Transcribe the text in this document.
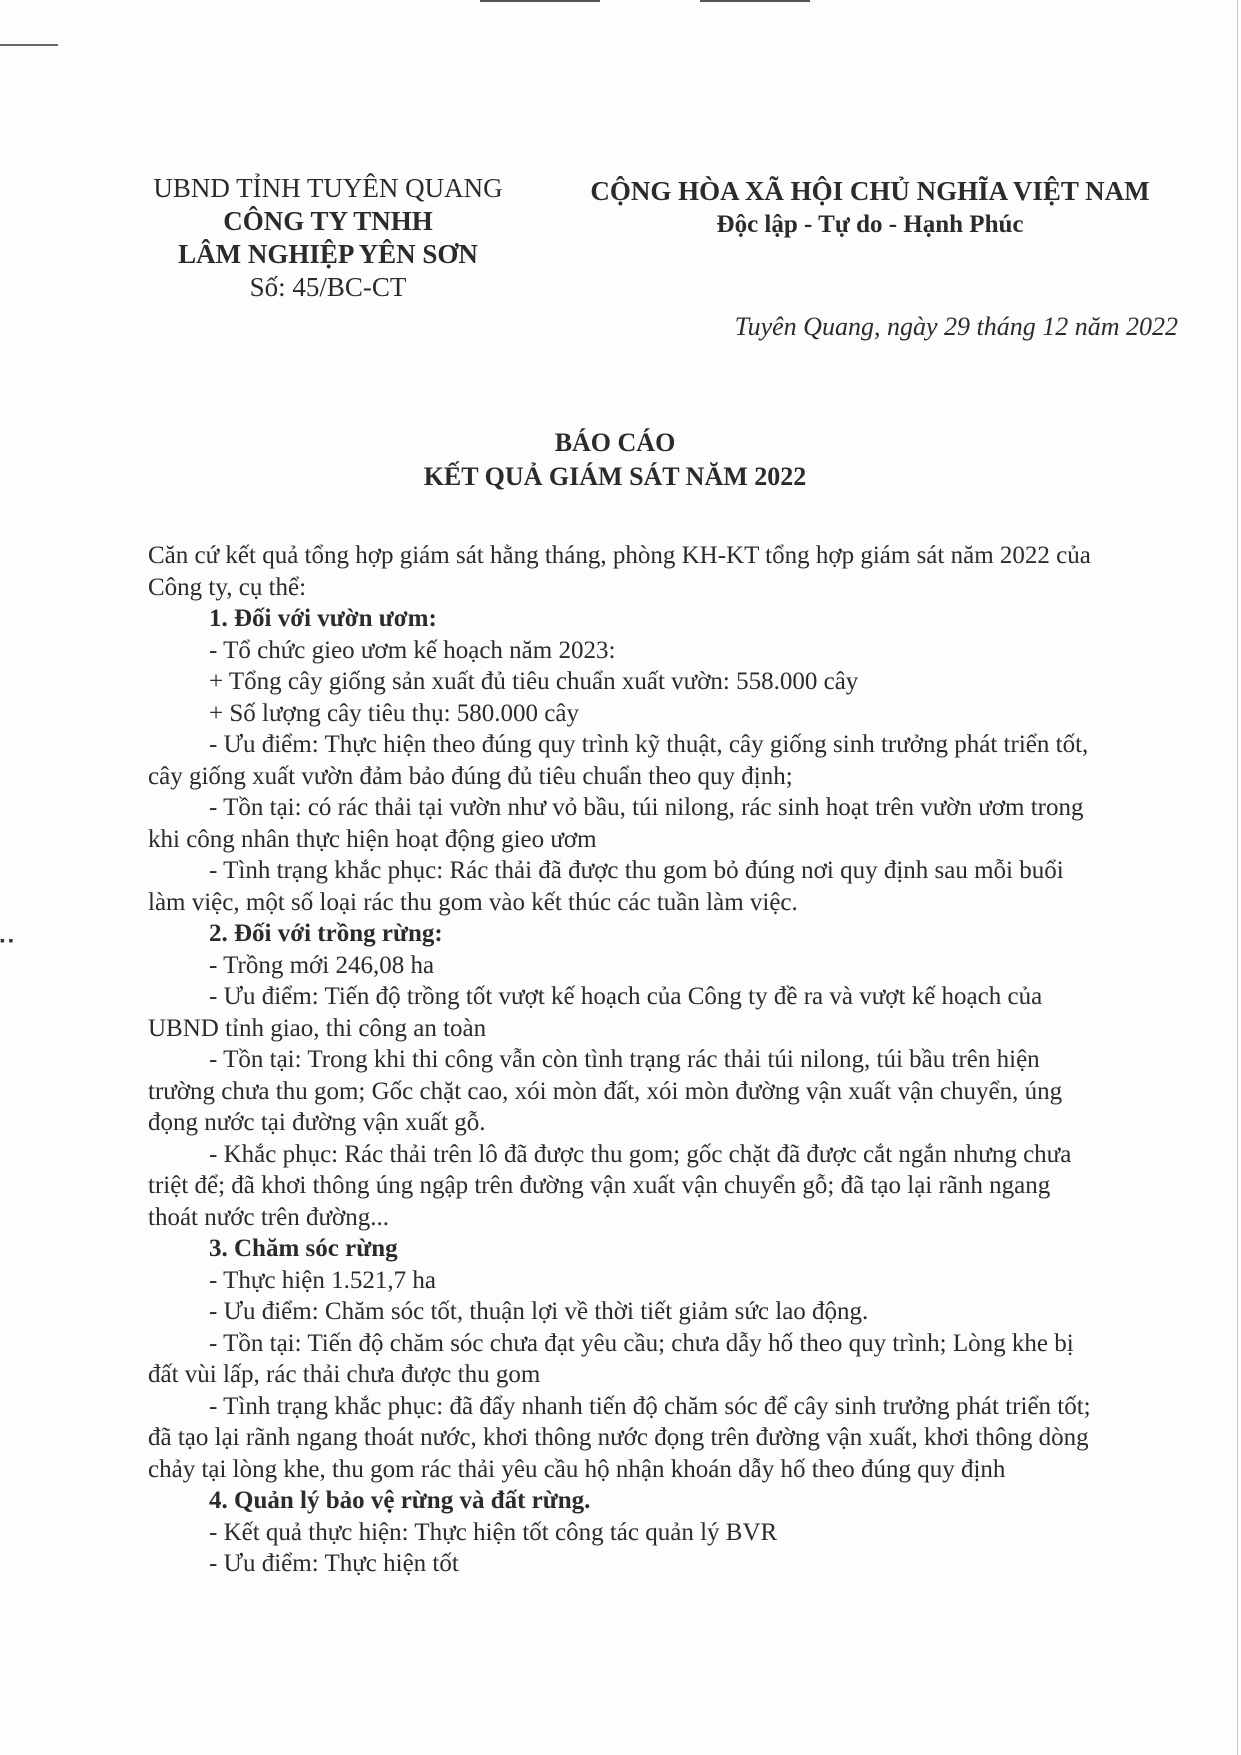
▪ ▪
UBND TỈNH TUYÊN QUANG
CÔNG TY TNHH
LÂM NGHIỆP YÊN SƠN
Số: 45/BC-CT
CỘNG HÒA XÃ HỘI CHỦ NGHĨA VIỆT NAM
Độc lập - Tự do - Hạnh Phúc
Tuyên Quang, ngày 29 tháng 12 năm 2022
BÁO CÁO
KẾT QUẢ GIÁM SÁT NĂM 2022

Căn cứ kết quả tổng hợp giám sát hằng tháng, phòng KH-KT tổng hợp giám sát năm 2022 của Công ty, cụ thể:

1. Đối với vườn ươm:

- Tổ chức gieo ươm kế hoạch năm 2023:

+ Tổng cây giống sản xuất đủ tiêu chuẩn xuất vườn: 558.000 cây

+ Số lượng cây tiêu thụ: 580.000 cây

- Ưu điểm: Thực hiện theo đúng quy trình kỹ thuật, cây giống sinh trưởng phát triển tốt, cây giống xuất vườn đảm bảo đúng đủ tiêu chuẩn theo quy định;

- Tồn tại: có rác thải tại vườn như vỏ bầu, túi nilong, rác sinh hoạt trên vườn ươm trong khi công nhân thực hiện hoạt động gieo ươm

- Tình trạng khắc phục: Rác thải đã được thu gom bỏ đúng nơi quy định sau mỗi buổi làm việc, một số loại rác thu gom vào kết thúc các tuần làm việc.

2. Đối với trồng rừng:

- Trồng mới 246,08 ha

- Ưu điểm: Tiến độ trồng tốt vượt kế hoạch của Công ty đề ra và vượt kế hoạch của UBND tỉnh giao, thi công an toàn

- Tồn tại: Trong khi thi công vẫn còn tình trạng rác thải túi nilong, túi bầu trên hiện trường chưa thu gom; Gốc chặt cao, xói mòn đất, xói mòn đường vận xuất vận chuyển, úng đọng nước tại đường vận xuất gỗ.

- Khắc phục: Rác thải trên lô đã được thu gom; gốc chặt đã được cắt ngắn nhưng chưa triệt để; đã khơi thông úng ngập trên đường vận xuất vận chuyển gỗ; đã tạo lại rãnh ngang thoát nước trên đường...

3. Chăm sóc rừng

- Thực hiện 1.521,7 ha

- Ưu điểm: Chăm sóc tốt, thuận lợi về thời tiết giảm sức lao động.

- Tồn tại: Tiến độ chăm sóc chưa đạt yêu cầu; chưa dẫy hố theo quy trình; Lòng khe bị đất vùi lấp, rác thải chưa được thu gom

- Tình trạng khắc phục: đã đẩy nhanh tiến độ chăm sóc để cây sinh trưởng phát triển tốt; đã tạo lại rãnh ngang thoát nước, khơi thông nước đọng trên đường vận xuất, khơi thông dòng chảy tại lòng khe, thu gom rác thải yêu cầu hộ nhận khoán dẫy hố theo đúng quy định

4. Quản lý bảo vệ rừng và đất rừng.

- Kết quả thực hiện: Thực hiện tốt công tác quản lý BVR

- Ưu điểm: Thực hiện tốt
